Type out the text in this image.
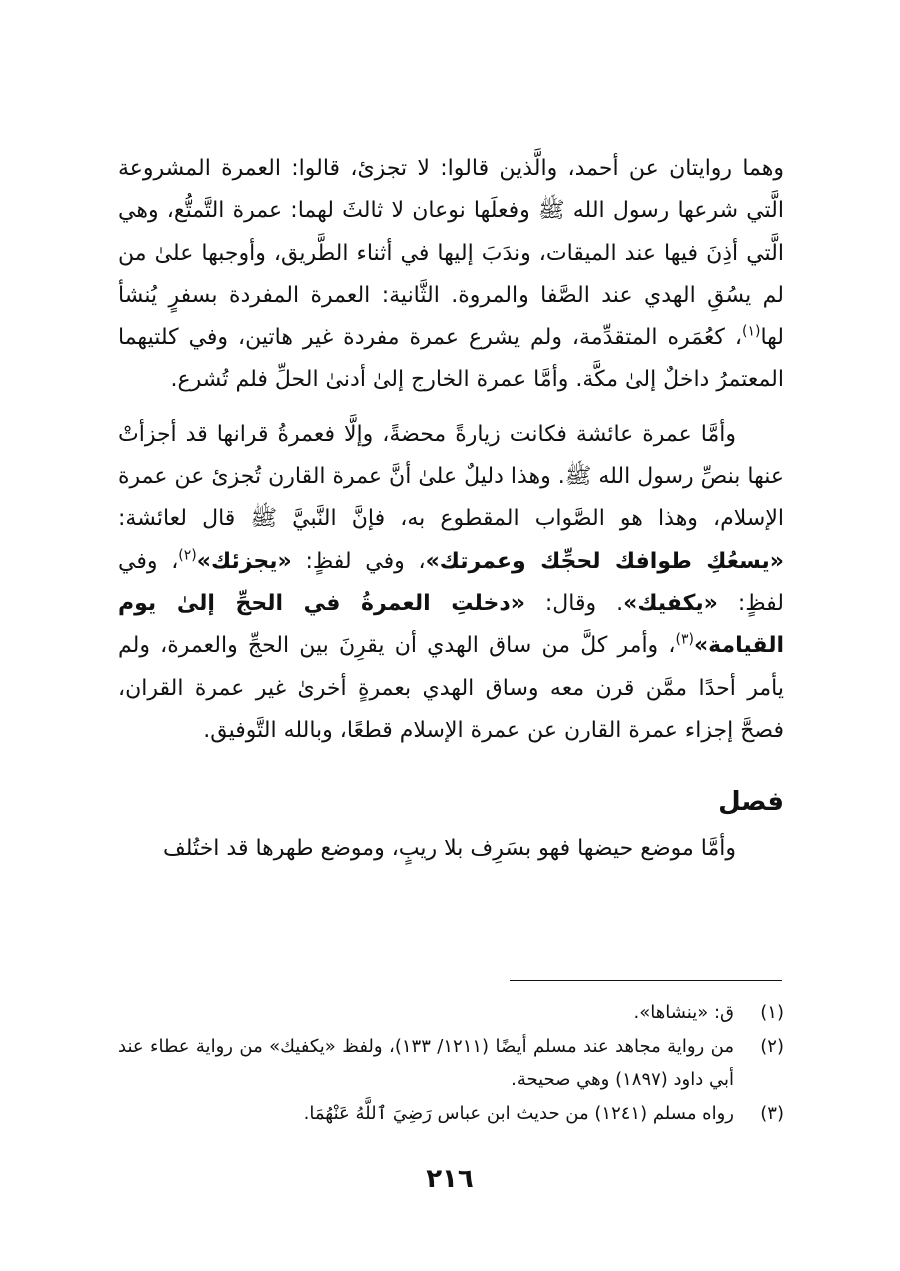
وهما روايتان عن أحمد، والَّذين قالوا: لا تجزئ، قالوا: العمرة المشروعة الَّتي شرعها رسول الله ﷺ وفعلَها نوعان لا ثالثَ لهما: عمرة التَّمتُّع، وهي الَّتي أذِنَ فيها عند الميقات، وندَبَ إليها في أثناء الطَّريق، وأوجبها علىٰ من لم يسُقِ الهدي عند الصَّفا والمروة. الثَّانية: العمرة المفردة بسفرٍ يُنشأ لها$^{(١)}$، كعُمَره المتقدِّمة، ولم يشرع عمرة مفردة غير هاتين، وفي كلتيهما المعتمرُ داخلٌ إلىٰ مكَّة. وأمَّا عمرة الخارج إلىٰ أدنىٰ الحلِّ فلم تُشرع.

وأمَّا عمرة عائشة فكانت زيارةً محضةً، وإلَّا فعمرةُ قرانها قد أجزأتْ عنها بنصِّ رسول الله ﷺ. وهذا دليلٌ علىٰ أنَّ عمرة القارن تُجزئ عن عمرة الإسلام، وهذا هو الصَّواب المقطوع به، فإنَّ النَّبيَّ ﷺ قال لعائشة: «يسعُكِ طوافك لحجِّك وعمرتك»، وفي لفظٍ: «يجزئك»$^{(٢)}$، وفي لفظٍ: «يكفيك». وقال: «دخلتِ العمرةُ في الحجِّ إلىٰ يوم القيامة»$^{(٣)}$، وأمر كلَّ من ساق الهدي أن يقرِنَ بين الحجِّ والعمرة، ولم يأمر أحدًا ممَّن قرن معه وساق الهدي بعمرةٍ أخرىٰ غير عمرة القران، فصحَّ إجزاء عمرة القارن عن عمرة الإسلام قطعًا، وبالله التَّوفيق.

فصل

وأمَّا موضع حيضها فهو بسَرِف بلا ريبٍ، وموضع طهرها قد اختُلف

(١)
ق: «ينشاها».
(٢)
من رواية مجاهد عند مسلم أيضًا (١٢١١/ ١٣٣)، ولفظ «يكفيك» من رواية عطاء عند أبي داود (١٨٩٧) وهي صحيحة.
(٣)
رواه مسلم (١٢٤١) من حديث ابن عباس رَضِيَ ٱللَّهُ عَنْهُمَا.
٢١٦
